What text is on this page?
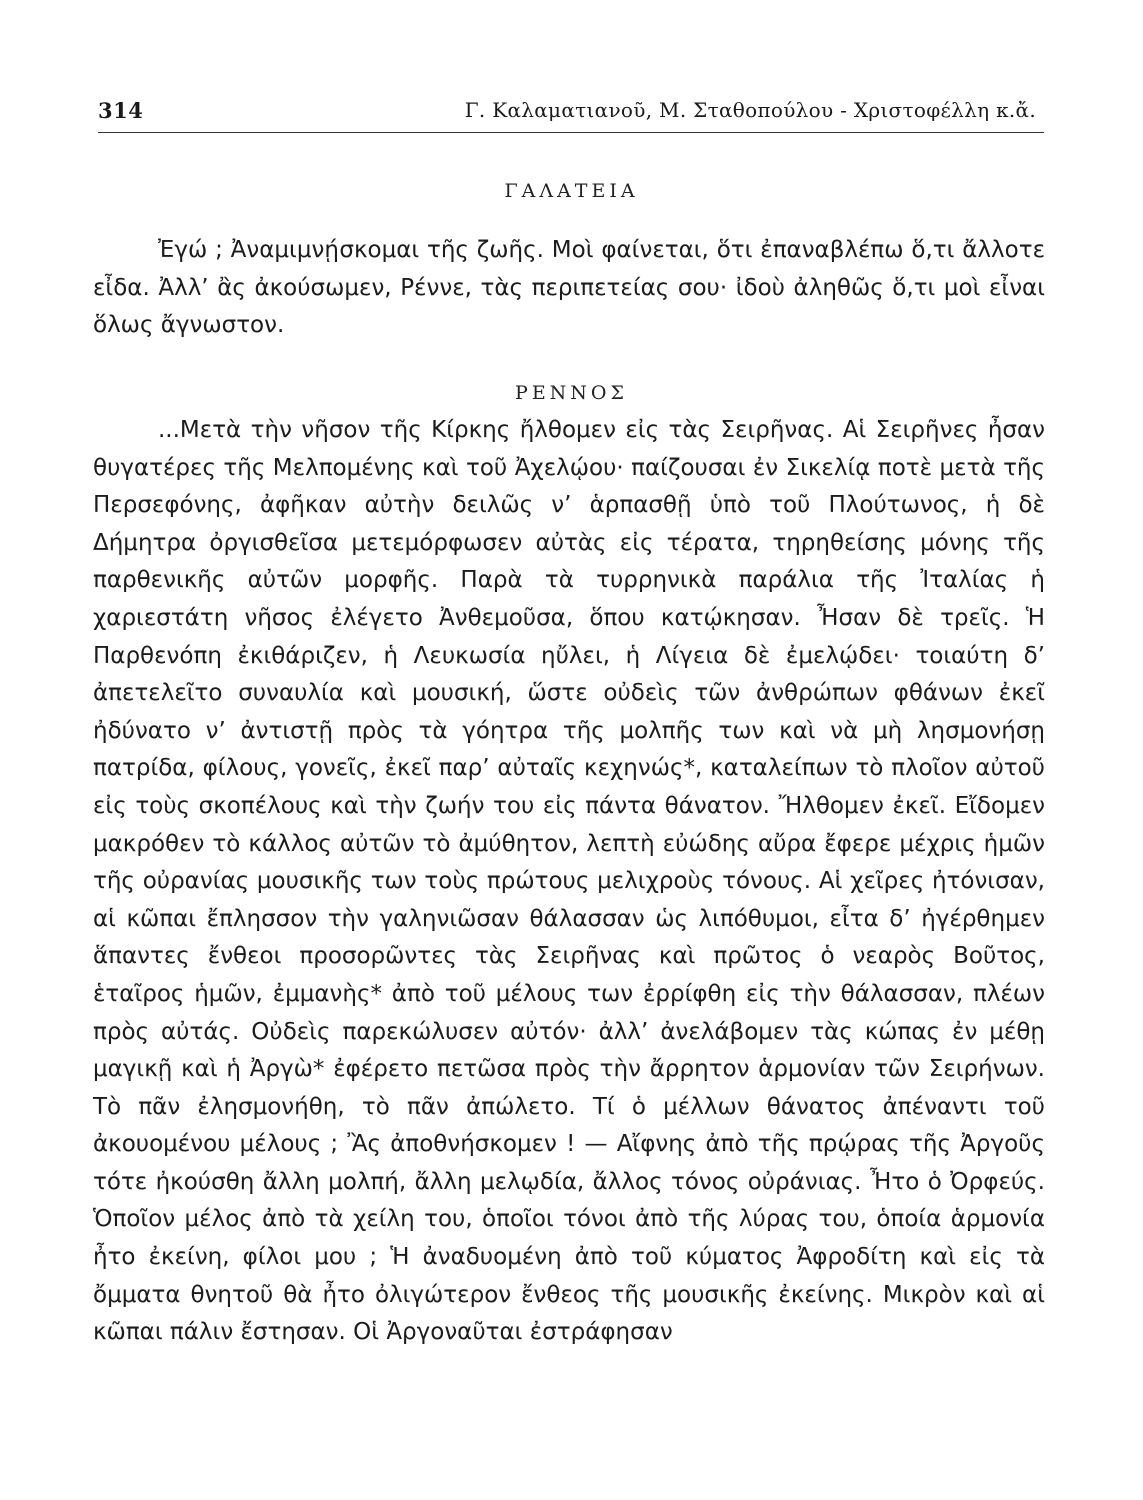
314	Γ. Καλαματιανοῦ, Μ. Σταθοπούλου - Χριστοφέλλη κ.ἄ.
ΓΑΛΑΤΕΙΑ

Ἐγώ ; Ἀναμιμνῄσκομαι τῆς ζωῆς. Μοὶ φαίνεται, ὅτι ἐπαναβλέπω ὅ,τι ἄλλοτε εἶδα. Ἀλλ’ ἂς ἀκούσωμεν, Ρέννε, τὰς περιπετείας σου· ἰδοὺ ἀληθῶς ὅ,τι μοὶ εἶναι ὅλως ἄγνωστον.

ΡΕΝΝΟΣ

...Μετὰ τὴν νῆσον τῆς Κίρκης ἤλθομεν εἰς τὰς Σειρῆνας. Αἱ Σειρῆνες ἦσαν θυγατέρες τῆς Μελπομένης καὶ τοῦ Ἀχελῴου· παίζουσαι ἐν Σικελίᾳ ποτὲ μετὰ τῆς Περσεφόνης, ἀφῆκαν αὐτὴν δειλῶς ν’ ἁρπασθῇ ὑπὸ τοῦ Πλούτωνος, ἡ δὲ Δήμητρα ὀργισθεῖσα μετεμόρφωσεν αὐτὰς εἰς τέρατα, τηρηθείσης μόνης τῆς παρθενικῆς αὐτῶν μορφῆς. Παρὰ τὰ τυρρηνικὰ παράλια τῆς Ἰταλίας ἡ χαριεστάτη νῆσος ἐλέγετο Ἀνθεμοῦσα, ὅπου κατῴκησαν. Ἦσαν δὲ τρεῖς. Ἡ Παρθενόπη ἐκιθάριζεν, ἡ Λευκωσία ηὔλει, ἡ Λίγεια δὲ ἐμελῴδει· τοιαύτη δ’ ἀπετελεῖτο συναυλία καὶ μουσική, ὥστε οὐδεὶς τῶν ἀνθρώπων φθάνων ἐκεῖ ἠδύνατο ν’ ἀντιστῇ πρὸς τὰ γόητρα τῆς μολπῆς των καὶ νὰ μὴ λησμονήσῃ πατρίδα, φίλους, γονεῖς, ἐκεῖ παρ’ αὐταῖς κεχηνώς*, καταλείπων τὸ πλοῖον αὐτοῦ εἰς τοὺς σκοπέλους καὶ τὴν ζωήν του εἰς πάντα θάνατον. Ἤλθομεν ἐκεῖ. Εἴδομεν μακρόθεν τὸ κάλλος αὐτῶν τὸ ἀμύθητον, λεπτὴ εὐώδης αὔρα ἔφερε μέχρις ἡμῶν τῆς οὐρανίας μουσικῆς των τοὺς πρώτους μελιχροὺς τόνους. Αἱ χεῖρες ἠτόνισαν, αἱ κῶπαι ἔπλησσον τὴν γαληνιῶσαν θάλασσαν ὡς λιπόθυμοι, εἶτα δ’ ἠγέρθημεν ἅπαντες ἔνθεοι προσορῶντες τὰς Σειρῆνας καὶ πρῶτος ὁ νεαρὸς Βοῦτος, ἑταῖρος ἡμῶν, ἐμμανὴς* ἀπὸ τοῦ μέλους των ἐρρίφθη εἰς τὴν θάλασσαν, πλέων πρὸς αὐτάς. Οὐδεὶς παρεκώλυσεν αὐτόν· ἀλλ’ ἀνελάβομεν τὰς κώπας ἐν μέθῃ μαγικῇ καὶ ἡ Ἀργὼ* ἐφέρετο πετῶσα πρὸς τὴν ἄρρητον ἁρμονίαν τῶν Σειρήνων. Τὸ πᾶν ἐλησμονήθη, τὸ πᾶν ἀπώλετο. Τί ὁ μέλλων θάνατος ἀπέναντι τοῦ ἀκουομένου μέλους ; Ἂς ἀποθνήσκομεν ! — Αἴφνης ἀπὸ τῆς πρῴρας τῆς Ἀργοῦς τότε ἠκούσθη ἄλλη μολπή, ἄλλη μελῳδία, ἄλλος τόνος οὐράνιας. Ἦτο ὁ Ὀρφεύς. Ὁποῖον μέλος ἀπὸ τὰ χείλη του, ὁποῖοι τόνοι ἀπὸ τῆς λύρας του, ὁποία ἁρμονία ἦτο ἐκείνη, φίλοι μου ; Ἡ ἀναδυομένη ἀπὸ τοῦ κύματος Ἀφροδίτη καὶ εἰς τὰ ὄμματα θνητοῦ θὰ ἦτο ὀλιγώτερον ἔνθεος τῆς μουσικῆς ἐκείνης. Μικρὸν καὶ αἱ κῶπαι πάλιν ἔστησαν. Οἱ Ἀργοναῦται ἐστράφησαν
